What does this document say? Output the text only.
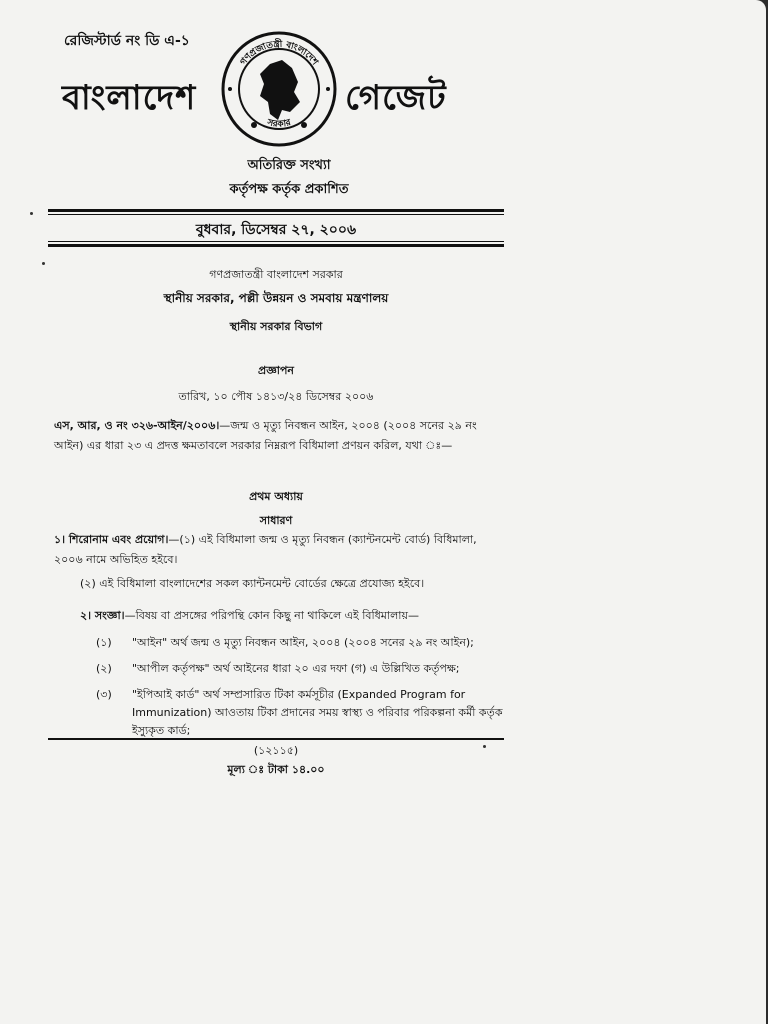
রেজিস্টার্ড নং ডি এ-১
বাংলাদেশ
গণপ্রজাতন্ত্রী বাংলাদেশ
সরকার
গেজেট
অতিরিক্ত সংখ্যা
কর্তৃপক্ষ কর্তৃক প্রকাশিত
বুধবার, ডিসেম্বর ২৭, ২০০৬
গণপ্রজাতন্ত্রী বাংলাদেশ সরকার
স্থানীয় সরকার, পল্লী উন্নয়ন ও সমবায় মন্ত্রণালয়
স্থানীয় সরকার বিভাগ
প্রজ্ঞাপন
তারিখ, ১০ পৌষ ১৪১৩/২৪ ডিসেম্বর ২০০৬
এস, আর, ও নং ৩২৬-আইন/২০০৬।—জন্ম ও মৃত্যু নিবন্ধন আইন, ২০০৪ (২০০৪ সনের ২৯ নং আইন) এর ধারা ২৩ এ প্রদত্ত ক্ষমতাবলে সরকার নিম্নরূপ বিধিমালা প্রণয়ন করিল, যথা ঃ—
প্রথম অধ্যায়
সাধারণ
১। শিরোনাম এবং প্রয়োগ।—(১) এই বিধিমালা জন্ম ও মৃত্যু নিবন্ধন (ক্যান্টনমেন্ট বোর্ড) বিধিমালা, ২০০৬ নামে অভিহিত হইবে।
(২) এই বিধিমালা বাংলাদেশের সকল ক্যান্টনমেন্ট বোর্ডের ক্ষেত্রে প্রযোজ্য হইবে।
২। সংজ্ঞা।—বিষয় বা প্রসঙ্গের পরিপন্থি কোন কিছু না থাকিলে এই বিধিমালায়—
(১)	"আইন" অর্থ জন্ম ও মৃত্যু নিবন্ধন আইন, ২০০৪ (২০০৪ সনের ২৯ নং আইন);
(২)	"আপীল কর্তৃপক্ষ" অর্থ আইনের ধারা ২০ এর দফা (গ) এ উল্লিখিত কর্তৃপক্ষ;
(৩)	"ইপিআই কার্ড" অর্থ সম্প্রসারিত টিকা কর্মসূচীর (Expanded Program for Immunization) আওতায় টিকা প্রদানের সময় স্বাস্থ্য ও পরিবার পরিকল্পনা কর্মী কর্তৃক ইস্যুকৃত কার্ড;
(১২১১৫)
মূল্য ঃ টাকা ১৪.০০
